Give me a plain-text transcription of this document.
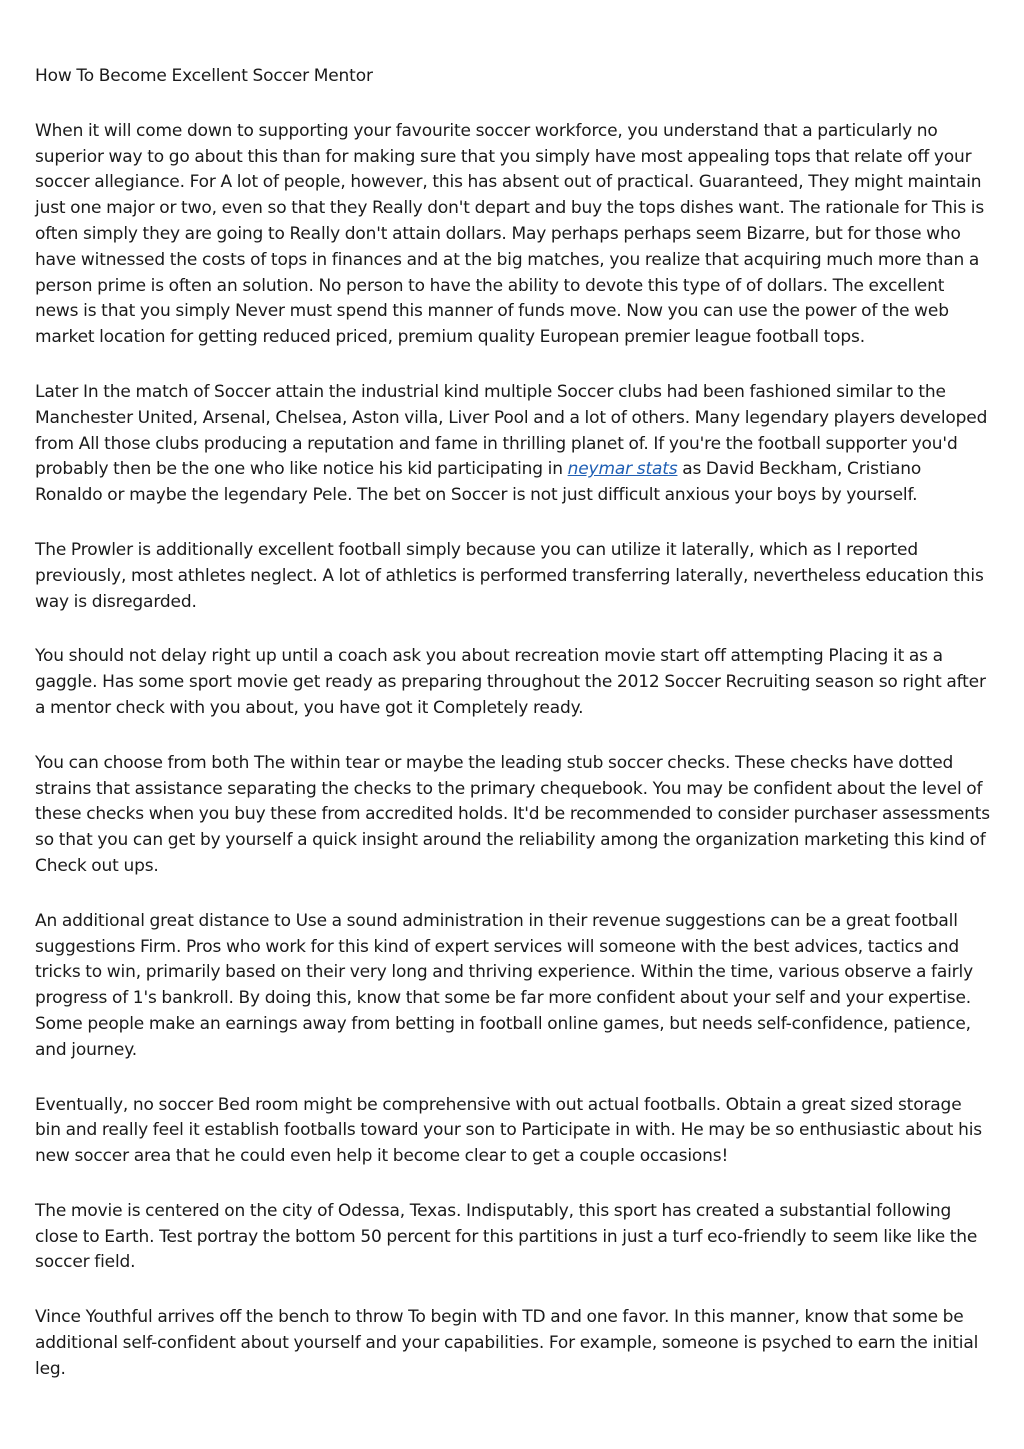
How To Become Excellent Soccer Mentor

When it will come down to supporting your favourite soccer workforce, you understand that a particularly no superior way to go about this than for making sure that you simply have most appealing tops that relate off your soccer allegiance. For A lot of people, however, this has absent out of practical. Guaranteed, They might maintain just one major or two, even so that they Really don't depart and buy the tops dishes want. The rationale for This is often simply they are going to Really don't attain dollars. May perhaps perhaps seem Bizarre, but for those who have witnessed the costs of tops in finances and at the big matches, you realize that acquiring much more than a person prime is often an solution. No person to have the ability to devote this type of of dollars. The excellent news is that you simply Never must spend this manner of funds move. Now you can use the power of the web market location for getting reduced priced, premium quality European premier league football tops.

Later In the match of Soccer attain the industrial kind multiple Soccer clubs had been fashioned similar to the Manchester United, Arsenal, Chelsea, Aston villa, Liver Pool and a lot of others. Many legendary players developed from All those clubs producing a reputation and fame in thrilling planet of. If you're the football supporter you'd probably then be the one who like notice his kid participating in neymar stats as David Beckham, Cristiano Ronaldo or maybe the legendary Pele. The bet on Soccer is not just difficult anxious your boys by yourself.

The Prowler is additionally excellent football simply because you can utilize it laterally, which as I reported previously, most athletes neglect. A lot of athletics is performed transferring laterally, nevertheless education this way is disregarded.

You should not delay right up until a coach ask you about recreation movie start off attempting Placing it as a gaggle. Has some sport movie get ready as preparing throughout the 2012 Soccer Recruiting season so right after a mentor check with you about, you have got it Completely ready.

You can choose from both The within tear or maybe the leading stub soccer checks. These checks have dotted strains that assistance separating the checks to the primary chequebook. You may be confident about the level of these checks when you buy these from accredited holds. It'd be recommended to consider purchaser assessments so that you can get by yourself a quick insight around the reliability among the organization marketing this kind of Check out ups.

An additional great distance to Use a sound administration in their revenue suggestions can be a great football suggestions Firm. Pros who work for this kind of expert services will someone with the best advices, tactics and tricks to win, primarily based on their very long and thriving experience. Within the time, various observe a fairly progress of 1's bankroll. By doing this, know that some be far more confident about your self and your expertise. Some people make an earnings away from betting in football online games, but needs self-confidence, patience, and journey.

Eventually, no soccer Bed room might be comprehensive with out actual footballs. Obtain a great sized storage bin and really feel it establish footballs toward your son to Participate in with. He may be so enthusiastic about his new soccer area that he could even help it become clear to get a couple occasions!

The movie is centered on the city of Odessa, Texas. Indisputably, this sport has created a substantial following close to Earth. Test portray the bottom 50 percent for this partitions in just a turf eco-friendly to seem like like the soccer field.

Vince Youthful arrives off the bench to throw To begin with TD and one favor. In this manner, know that some be additional self-confident about yourself and your capabilities. For example, someone is psyched to earn the initial leg.
